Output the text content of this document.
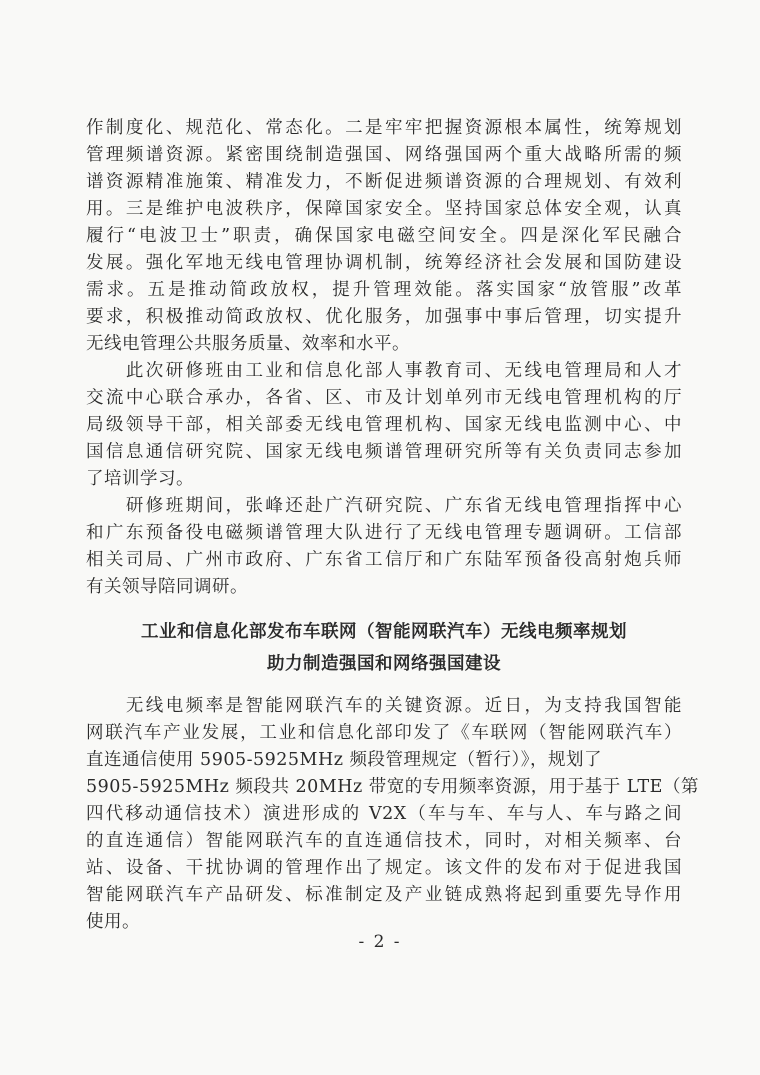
作制度化、规范化、常态化。二是牢牢把握资源根本属性，统筹规划
管理频谱资源。紧密围绕制造强国、网络强国两个重大战略所需的频
谱资源精准施策、精准发力，不断促进频谱资源的合理规划、有效利
用。三是维护电波秩序，保障国家安全。坚持国家总体安全观，认真
履行“电波卫士”职责，确保国家电磁空间安全。四是深化军民融合
发展。强化军地无线电管理协调机制，统筹经济社会发展和国防建设
需求。五是推动简政放权，提升管理效能。落实国家“放管服”改革
要求，积极推动简政放权、优化服务，加强事中事后管理，切实提升
无线电管理公共服务质量、效率和水平。
　　此次研修班由工业和信息化部人事教育司、无线电管理局和人才
交流中心联合承办，各省、区、市及计划单列市无线电管理机构的厅
局级领导干部，相关部委无线电管理机构、国家无线电监测中心、中
国信息通信研究院、国家无线电频谱管理研究所等有关负责同志参加
了培训学习。
　　研修班期间，张峰还赴广汽研究院、广东省无线电管理指挥中心
和广东预备役电磁频谱管理大队进行了无线电管理专题调研。工信部
相关司局、广州市政府、广东省工信厅和广东陆军预备役高射炮兵师
有关领导陪同调研。
工业和信息化部发布车联网（智能网联汽车）无线电频率规划
助力制造强国和网络强国建设
　　无线电频率是智能网联汽车的关键资源。近日，为支持我国智能
网联汽车产业发展，工业和信息化部印发了《车联网（智能网联汽车）
直连通信使用 5905-5925MHz 频段管理规定（暂行）》，规划了
5905-5925MHz 频段共 20MHz 带宽的专用频率资源，用于基于 LTE（第
四代移动通信技术）演进形成的 V2X（车与车、车与人、车与路之间
的直连通信）智能网联汽车的直连通信技术，同时，对相关频率、台
站、设备、干扰协调的管理作出了规定。该文件的发布对于促进我国
智能网联汽车产品研发、标准制定及产业链成熟将起到重要先导作用
使用。
- 2 -
